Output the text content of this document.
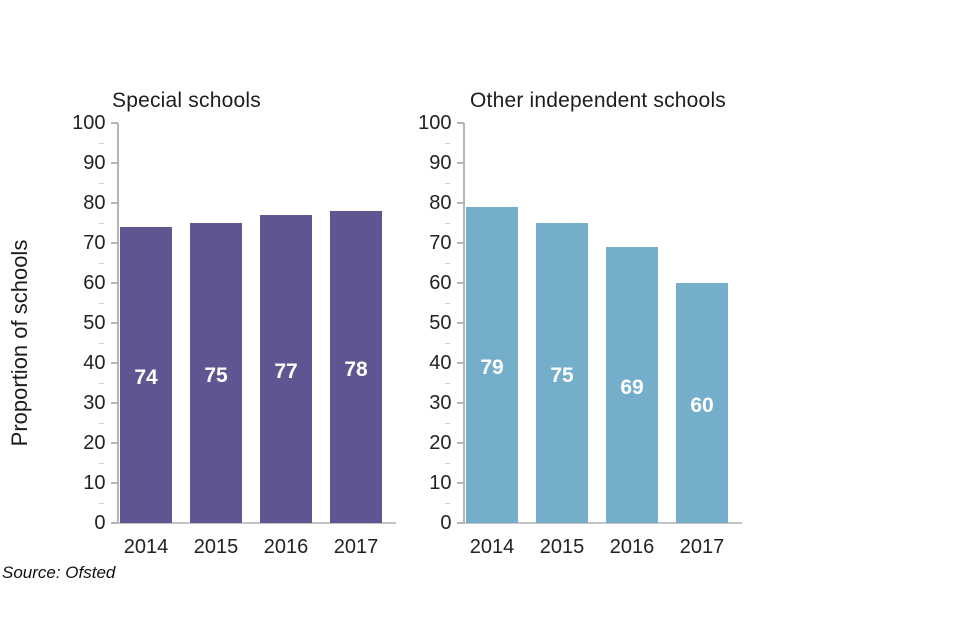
Proportion of schools
Source: Ofsted
Special schools
0
10
20
30
40
50
60
70
80
90
100
74
2014
75
2015
77
2016
78
2017
Other independent schools
0
10
20
30
40
50
60
70
80
90
100
79
2014
75
2015
69
2016
60
2017
